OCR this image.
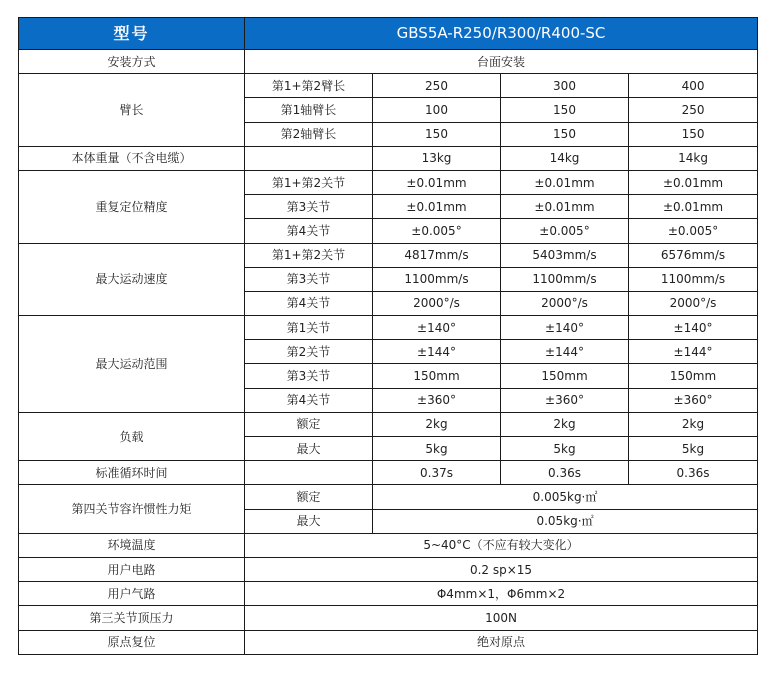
型号	GBS5A-R250/R300/R400-SC			
安装方式	台面安装			
臂长	第1+第2臂长	250	300	400
	第1轴臂长	100	150	250
	第2轴臂长	150	150	150
本体重量（不含电缆）		13kg	14kg	14kg
重复定位精度	第1+第2关节	±0.01mm	±0.01mm	±0.01mm
	第3关节	±0.01mm	±0.01mm	±0.01mm
	第4关节	±0.005°	±0.005°	±0.005°
最大运动速度	第1+第2关节	4817mm/s	5403mm/s	6576mm/s
	第3关节	1100mm/s	1100mm/s	1100mm/s
	第4关节	2000°/s	2000°/s	2000°/s
最大运动范围	第1关节	±140°	±140°	±140°
	第2关节	±144°	±144°	±144°
	第3关节	150mm	150mm	150mm
	第4关节	±360°	±360°	±360°
负载	额定	2kg	2kg	2kg
	最大	5kg	5kg	5kg
标准循环时间		0.37s	0.36s	0.36s
第四关节容许惯性力矩	额定	0.005kg·㎡		
	最大	0.05kg·㎡		
环境温度	5~40°C（不应有较大变化）			
用户电路	0.2 sp×15			
用户气路	Φ4mm×1，Φ6mm×2			
第三关节顶压力	100N			
原点复位	绝对原点			
